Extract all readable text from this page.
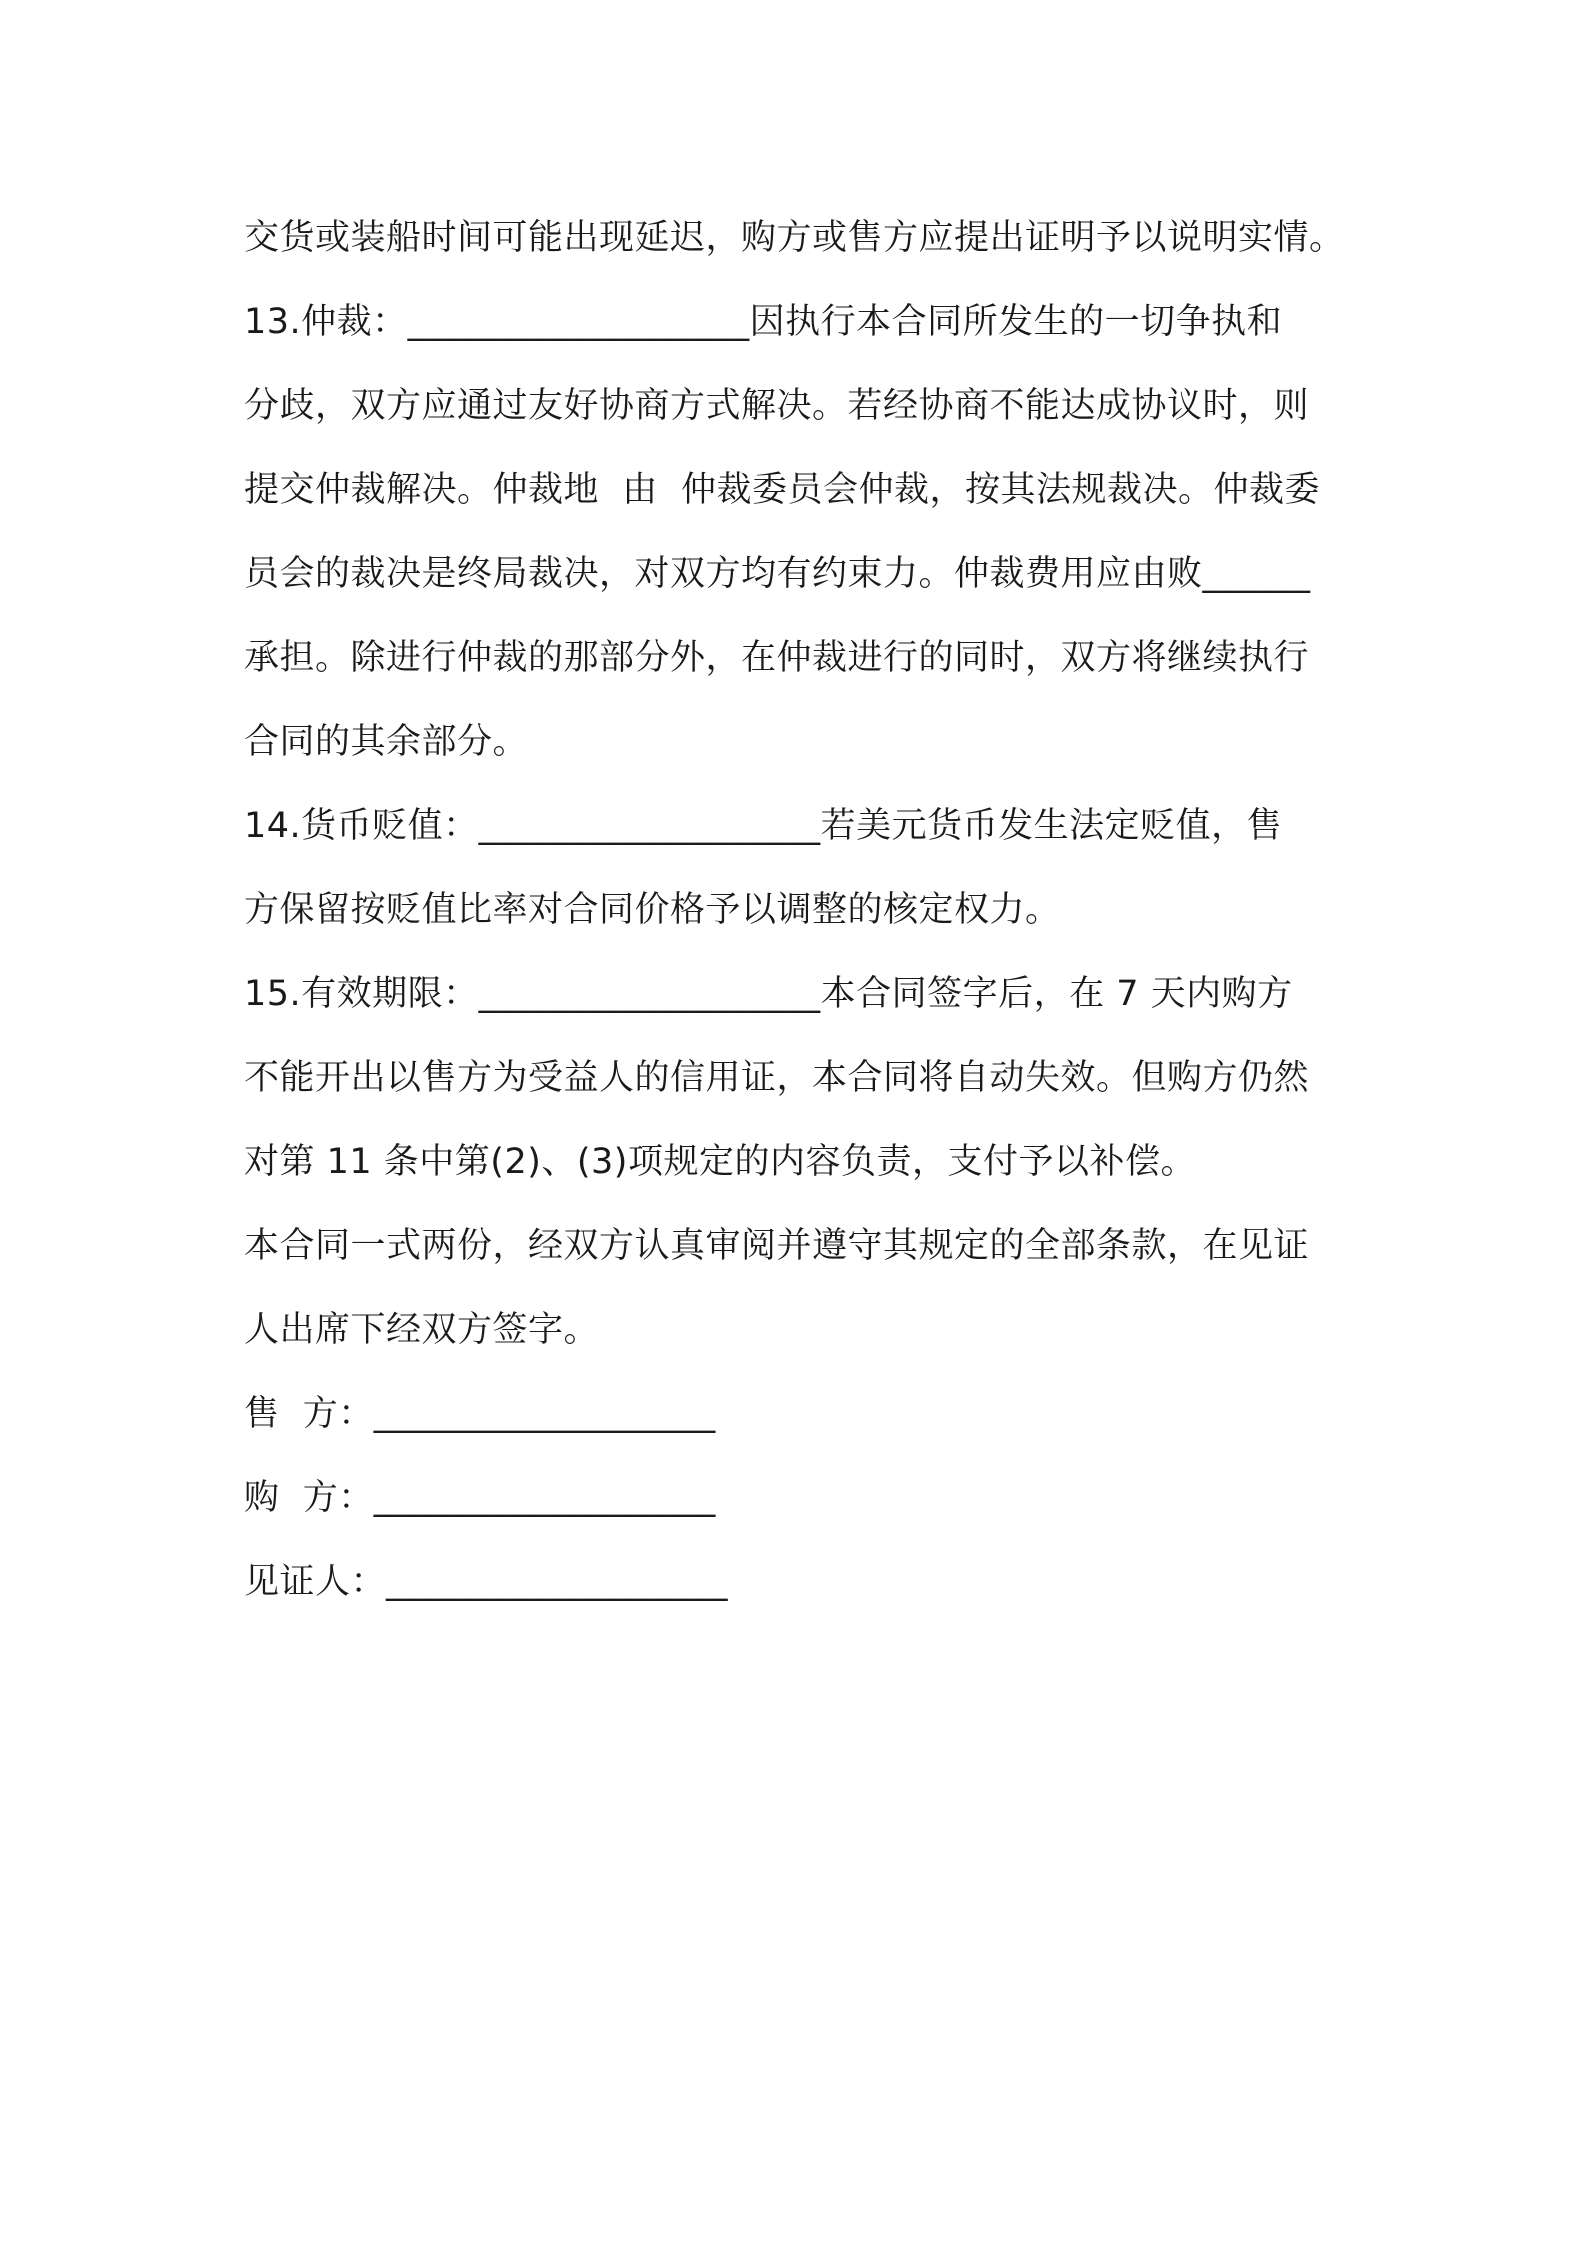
交货或装船时间可能出现延迟，购方或售方应提出证明予以说明实情。
13.仲裁：___________________因执行本合同所发生的一切争执和
分歧，双方应通过友好协商方式解决。若经协商不能达成协议时，则
提交仲裁解决。仲裁地  由  仲裁委员会仲裁，按其法规裁决。仲裁委
员会的裁决是终局裁决，对双方均有约束力。仲裁费用应由败______
承担。除进行仲裁的那部分外，在仲裁进行的同时，双方将继续执行
合同的其余部分。
14.货币贬值：___________________若美元货币发生法定贬值，售
方保留按贬值比率对合同价格予以调整的核定权力。
15.有效期限：___________________本合同签字后，在 7 天内购方
不能开出以售方为受益人的信用证，本合同将自动失效。但购方仍然
对第 11 条中第(2)、(3)项规定的内容负责，支付予以补偿。
本合同一式两份，经双方认真审阅并遵守其规定的全部条款，在见证
人出席下经双方签字。
售  方：___________________
购  方：___________________
见证人：___________________
